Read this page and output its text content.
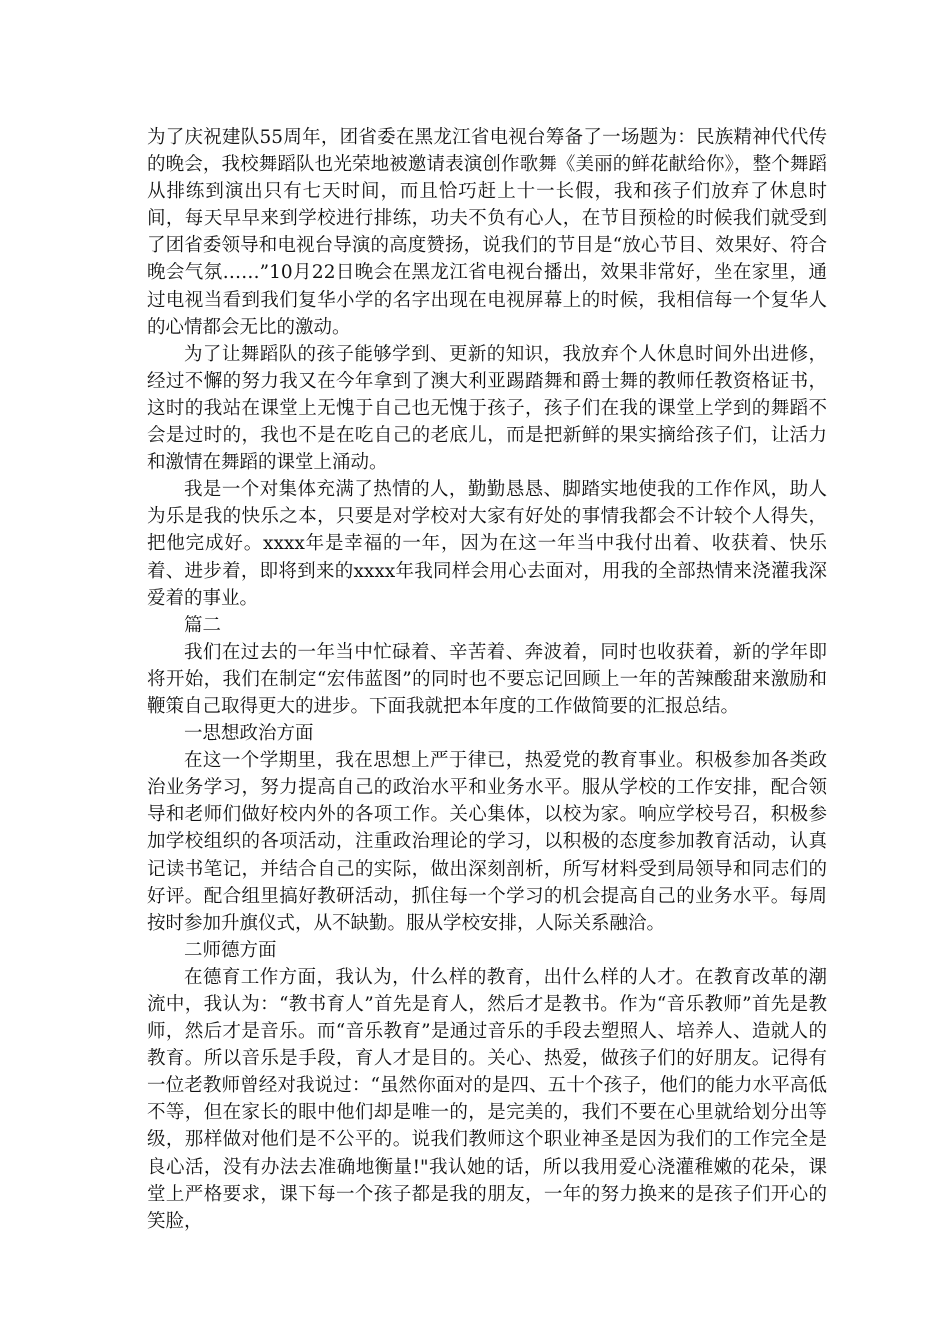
为了庆祝建队55周年，团省委在黑龙江省电视台筹备了一场题为：民族精神代代传的晚会，我校舞蹈队也光荣地被邀请表演创作歌舞《美丽的鲜花献给你》，整个舞蹈从排练到演出只有七天时间，而且恰巧赶上十一长假，我和孩子们放弃了休息时间，每天早早来到学校进行排练，功夫不负有心人，在节目预检的时候我们就受到了团省委领导和电视台导演的高度赞扬，说我们的节目是“放心节目、效果好、符合晚会气氛……”10月22日晚会在黑龙江省电视台播出，效果非常好，坐在家里，通过电视当看到我们复华小学的名字出现在电视屏幕上的时候，我相信每一个复华人的心情都会无比的激动。

为了让舞蹈队的孩子能够学到、更新的知识，我放弃个人休息时间外出进修，经过不懈的努力我又在今年拿到了澳大利亚踢踏舞和爵士舞的教师任教资格证书，这时的我站在课堂上无愧于自己也无愧于孩子，孩子们在我的课堂上学到的舞蹈不会是过时的，我也不是在吃自己的老底儿，而是把新鲜的果实摘给孩子们，让活力和激情在舞蹈的课堂上涌动。

我是一个对集体充满了热情的人，勤勤恳恳、脚踏实地使我的工作作风，助人为乐是我的快乐之本，只要是对学校对大家有好处的事情我都会不计较个人得失，把他完成好。xxxx年是幸福的一年，因为在这一年当中我付出着、收获着、快乐着、进步着，即将到来的xxxx年我同样会用心去面对，用我的全部热情来浇灌我深爱着的事业。

篇二

我们在过去的一年当中忙碌着、辛苦着、奔波着，同时也收获着，新的学年即将开始，我们在制定“宏伟蓝图”的同时也不要忘记回顾上一年的苦辣酸甜来激励和鞭策自己取得更大的进步。下面我就把本年度的工作做简要的汇报总结。

一思想政治方面

在这一个学期里，我在思想上严于律已，热爱党的教育事业。积极参加各类政治业务学习，努力提高自己的政治水平和业务水平。服从学校的工作安排，配合领导和老师们做好校内外的各项工作。关心集体，以校为家。响应学校号召，积极参加学校组织的各项活动，注重政治理论的学习，以积极的态度参加教育活动，认真记读书笔记，并结合自己的实际，做出深刻剖析，所写材料受到局领导和同志们的好评。配合组里搞好教研活动，抓住每一个学习的机会提高自己的业务水平。每周按时参加升旗仪式，从不缺勤。服从学校安排，人际关系融洽。

二师德方面

在德育工作方面，我认为，什么样的教育，出什么样的人才。在教育改革的潮流中，我认为：“教书育人”首先是育人，然后才是教书。作为“音乐教师”首先是教师，然后才是音乐。而“音乐教育”是通过音乐的手段去塑照人、培养人、造就人的教育。所以音乐是手段，育人才是目的。关心、热爱，做孩子们的好朋友。记得有一位老教师曾经对我说过：“虽然你面对的是四、五十个孩子，他们的能力水平高低不等，但在家长的眼中他们却是唯一的，是完美的，我们不要在心里就给划分出等级，那样做对他们是不公平的。说我们教师这个职业神圣是因为我们的工作完全是良心活，没有办法去准确地衡量!"我认她的话，所以我用爱心浇灌稚嫩的花朵，课堂上严格要求，课下每一个孩子都是我的朋友，一年的努力换来的是孩子们开心的笑脸，
